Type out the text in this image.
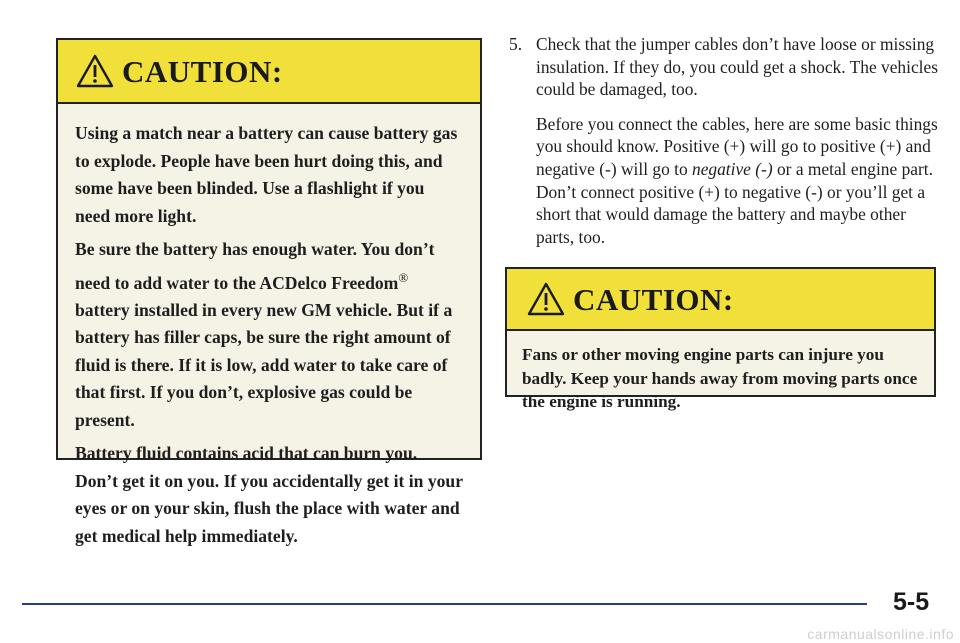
CAUTION:

Using a match near a battery can cause battery gas to explode. People have been hurt doing this, and some have been blinded. Use a flashlight if you need more light.

Be sure the battery has enough water. You don’t need to add water to the ACDelco Freedom® battery installed in every new GM vehicle. But if a battery has filler caps, be sure the right amount of fluid is there. If it is low, add water to take care of that first. If you don’t, explosive gas could be present.

Battery fluid contains acid that can burn you. Don’t get it on you. If you accidentally get it in your eyes or on your skin, flush the place with water and get medical help immediately.

5. Check that the jumper cables don’t have loose or missing insulation. If they do, you could get a shock. The vehicles could be damaged, too.
Before you connect the cables, here are some basic things you should know. Positive (+) will go to positive (+) and negative (-) will go to negative (-) or a metal engine part. Don’t connect positive (+) to negative (-) or you’ll get a short that would damage the battery and maybe other parts, too.
CAUTION:

Fans or other moving engine parts can injure you badly. Keep your hands away from moving parts once the engine is running.

5-5
carmanualsonline.info
